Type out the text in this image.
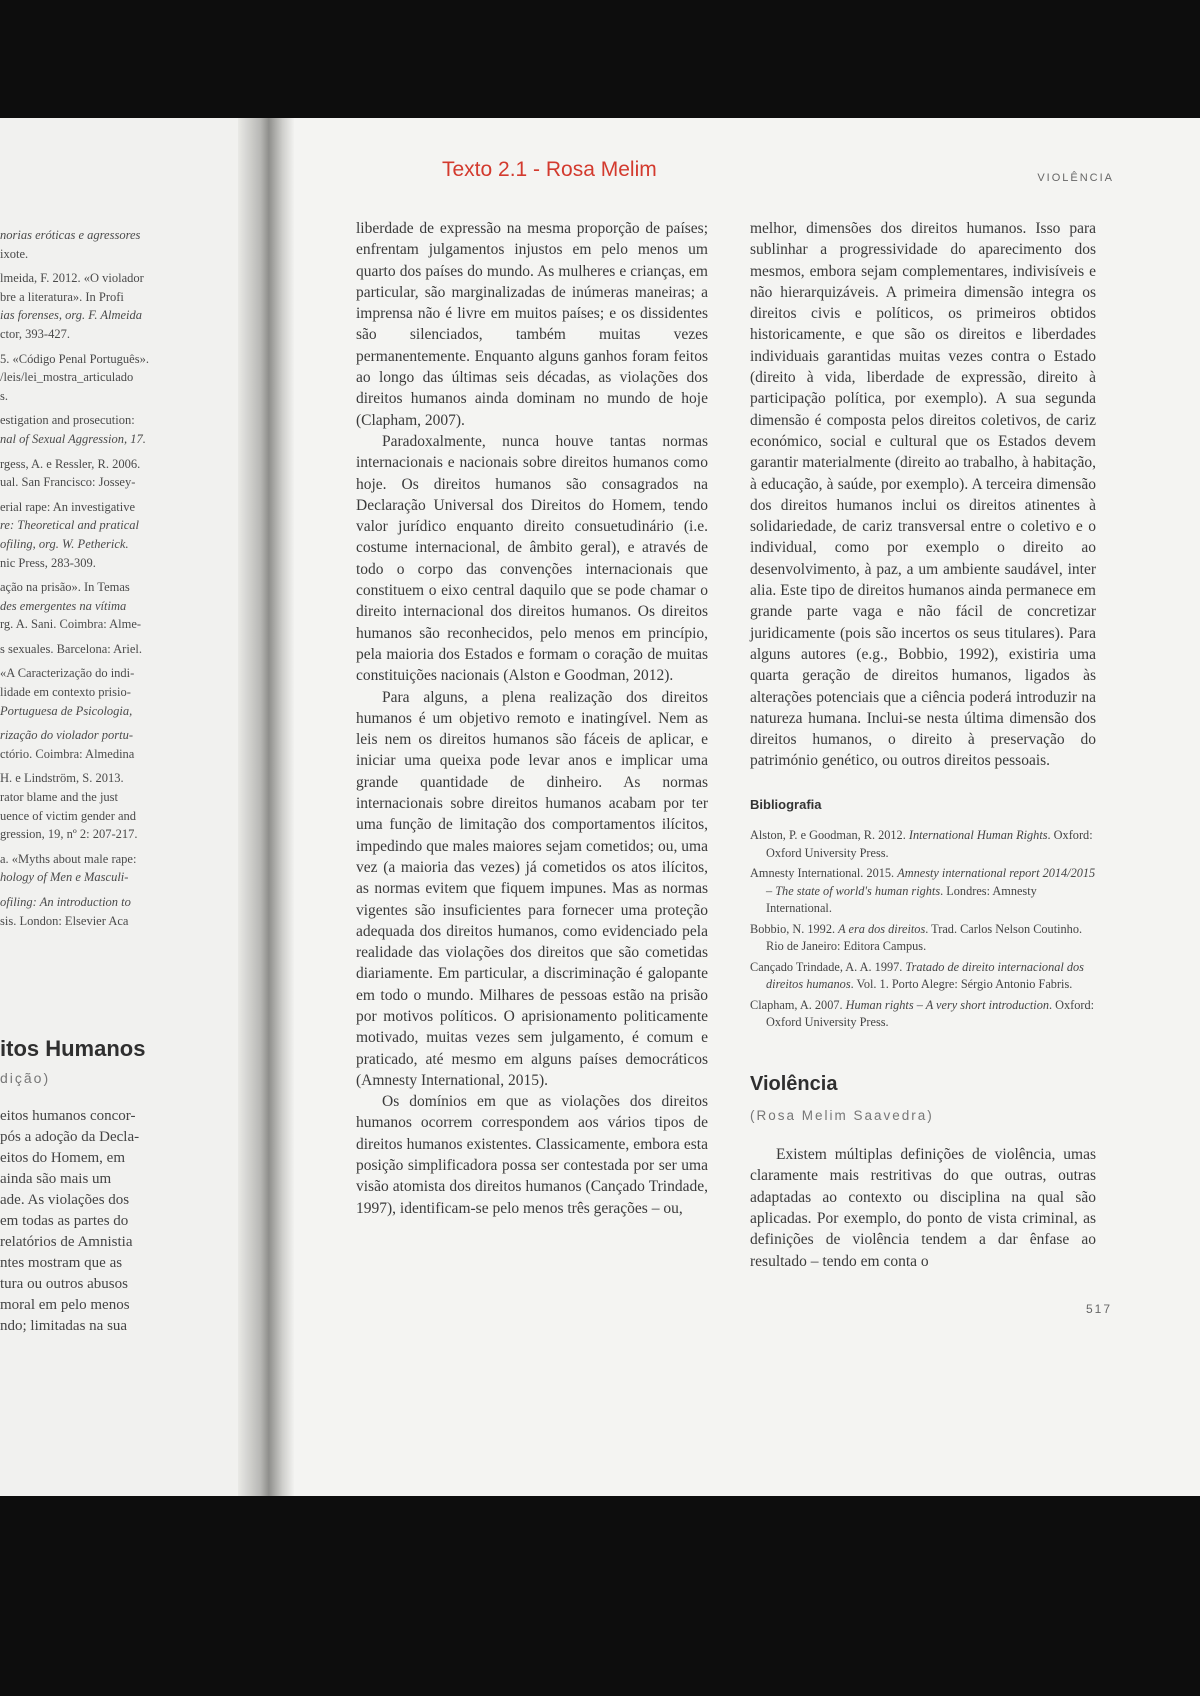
norias eróticas e agressores
ixote.
lmeida, F. 2012. «O violador
bre a literatura». In Profi
ias forenses, org. F. Almeida
ctor, 393-427.
5. «Código Penal Português».
/leis/lei_mostra_articulado
s.
estigation and prosecution:
nal of Sexual Aggression, 17.
rgess, A. e Ressler, R. 2006.
ual. San Francisco: Jossey-
erial rape: An investigative
re: Theoretical and pratical
ofiling, org. W. Petherick.
nic Press, 283-309.
ação na prisão». In Temas
des emergentes na vítima
rg. A. Sani. Coimbra: Alme-
s sexuales. Barcelona: Ariel.
«A Caracterização do indi-
lidade em contexto prisio-
Portuguesa de Psicologia,
rização do violador portu-
ctório. Coimbra: Almedina
H. e Lindström, S. 2013.
rator blame and the just
uence of victim gender and
gression, 19, nº 2: 207-217.
a. «Myths about male rape:
hology of Men e Masculi-
ofiling: An introduction to
sis. London: Elsevier Aca
itos Humanos
dição)
eitos humanos concor-
pós a adoção da Decla-
eitos do Homem, em
ainda são mais um
ade. As violações dos
em todas as partes do
relatórios de Amnistia
ntes mostram que as
tura ou outros abusos
moral em pelo menos
ndo; limitadas na sua
Texto 2.1 - Rosa Melim	VIOLÊNCIA

liberdade de expressão na mesma proporção de países; enfrentam julgamentos injustos em pelo menos um quarto dos países do mundo. As mulheres e crianças, em particular, são marginalizadas de inúmeras maneiras; a imprensa não é livre em muitos países; e os dissidentes são silenciados, também muitas vezes permanentemente. Enquanto alguns ganhos foram feitos ao longo das últimas seis décadas, as violações dos direitos humanos ainda dominam no mundo de hoje (Clapham, 2007).

Paradoxalmente, nunca houve tantas normas internacionais e nacionais sobre direitos humanos como hoje. Os direitos humanos são consagrados na Declaração Universal dos Direitos do Homem, tendo valor jurídico enquanto direito consuetudinário (i.e. costume internacional, de âmbito geral), e através de todo o corpo das convenções internacionais que constituem o eixo central daquilo que se pode chamar o direito internacional dos direitos humanos. Os direitos humanos são reconhecidos, pelo menos em princípio, pela maioria dos Estados e formam o coração de muitas constituições nacionais (Alston e Goodman, 2012).

Para alguns, a plena realização dos direitos humanos é um objetivo remoto e inatingível. Nem as leis nem os direitos humanos são fáceis de aplicar, e iniciar uma queixa pode levar anos e implicar uma grande quantidade de dinheiro. As normas internacionais sobre direitos humanos acabam por ter uma função de limitação dos comportamentos ilícitos, impedindo que males maiores sejam cometidos; ou, uma vez (a maioria das vezes) já cometidos os atos ilícitos, as normas evitem que fiquem impunes. Mas as normas vigentes são insuficientes para fornecer uma proteção adequada dos direitos humanos, como evidenciado pela realidade das violações dos direitos que são cometidas diariamente. Em particular, a discriminação é galopante em todo o mundo. Milhares de pessoas estão na prisão por motivos políticos. O aprisionamento politicamente motivado, muitas vezes sem julgamento, é comum e praticado, até mesmo em alguns países democráticos (Amnesty International, 2015).

Os domínios em que as violações dos direitos humanos ocorrem correspondem aos vários tipos de direitos humanos existentes. Classicamente, embora esta posição simplificadora possa ser contestada por ser uma visão atomista dos direitos humanos (Cançado Trindade, 1997), identificam-se pelo menos três gerações – ou,

melhor, dimensões dos direitos humanos. Isso para sublinhar a progressividade do aparecimento dos mesmos, embora sejam complementares, indivisíveis e não hierarquizáveis. A primeira dimensão integra os direitos civis e políticos, os primeiros obtidos historicamente, e que são os direitos e liberdades individuais garantidas muitas vezes contra o Estado (direito à vida, liberdade de expressão, direito à participação política, por exemplo). A sua segunda dimensão é composta pelos direitos coletivos, de cariz económico, social e cultural que os Estados devem garantir materialmente (direito ao trabalho, à habitação, à educação, à saúde, por exemplo). A terceira dimensão dos direitos humanos inclui os direitos atinentes à solidariedade, de cariz transversal entre o coletivo e o individual, como por exemplo o direito ao desenvolvimento, à paz, a um ambiente saudável, inter alia. Este tipo de direitos humanos ainda permanece em grande parte vaga e não fácil de concretizar juridicamente (pois são incertos os seus titulares). Para alguns autores (e.g., Bobbio, 1992), existiria uma quarta geração de direitos humanos, ligados às alterações potenciais que a ciência poderá introduzir na natureza humana. Inclui-se nesta última dimensão dos direitos humanos, o direito à preservação do património genético, ou outros direitos pessoais.

Bibliografia
Alston, P. e Goodman, R. 2012. International Human Rights. Oxford: Oxford University Press.
Amnesty International. 2015. Amnesty international report 2014/2015 – The state of world's human rights. Londres: Amnesty International.
Bobbio, N. 1992. A era dos direitos. Trad. Carlos Nelson Coutinho. Rio de Janeiro: Editora Campus.
Cançado Trindade, A. A. 1997. Tratado de direito internacional dos direitos humanos. Vol. 1. Porto Alegre: Sérgio Antonio Fabris.
Clapham, A. 2007. Human rights – A very short introduction. Oxford: Oxford University Press.
Violência
(Rosa Melim Saavedra)

Existem múltiplas definições de violência, umas claramente mais restritivas do que outras, outras adaptadas ao contexto ou disciplina na qual são aplicadas. Por exemplo, do ponto de vista criminal, as definições de violência tendem a dar ênfase ao resultado – tendo em conta o

517
